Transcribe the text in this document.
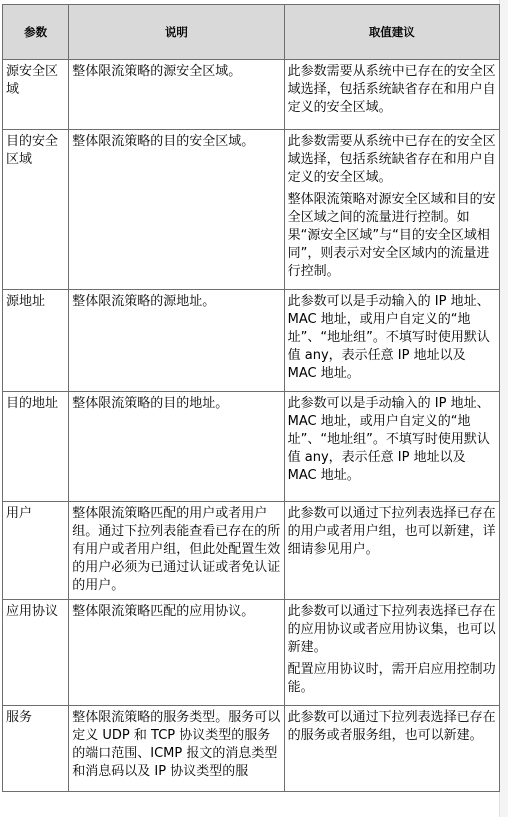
参数	说明	取值建议
源安全区域	整体限流策略的源安全区域。	此参数需要从系统中已存在的安全区域选择，包括系统缺省存在和用户自定义的安全区域。

目的安全区域	整体限流策略的目的安全区域。	此参数需要从系统中已存在的安全区域选择，包括系统缺省存在和用户自定义的安全区域。

整体限流策略对源安全区域和目的安全区域之间的流量进行控制。如果“源安全区域”与“目的安全区域相同”，则表示对安全区域内的流量进行控制。

源地址	整体限流策略的源地址。	此参数可以是手动输入的 IP 地址、MAC 地址，或用户自定义的“地址”、“地址组”。不填写时使用默认值 any，表示任意 IP 地址以及 MAC 地址。

目的地址	整体限流策略的目的地址。	此参数可以是手动输入的 IP 地址、MAC 地址，或用户自定义的“地址”、“地址组”。不填写时使用默认值 any，表示任意 IP 地址以及 MAC 地址。

用户	整体限流策略匹配的用户或者用户组。通过下拉列表能查看已存在的所有用户或者用户组，但此处配置生效的用户必须为已通过认证或者免认证的用户。	此参数可以通过下拉列表选择已存在的用户或者用户组，也可以新建，详细请参见用户。

应用协议	整体限流策略匹配的应用协议。	此参数可以通过下拉列表选择已存在的应用协议或者应用协议集，也可以新建。

配置应用协议时，需开启应用控制功能。

服务	整体限流策略的服务类型。服务可以定义 UDP 和 TCP 协议类型的服务的端口范围、ICMP 报文的消息类型和消息码以及 IP 协议类型的服	此参数可以通过下拉列表选择已存在的服务或者服务组，也可以新建。
